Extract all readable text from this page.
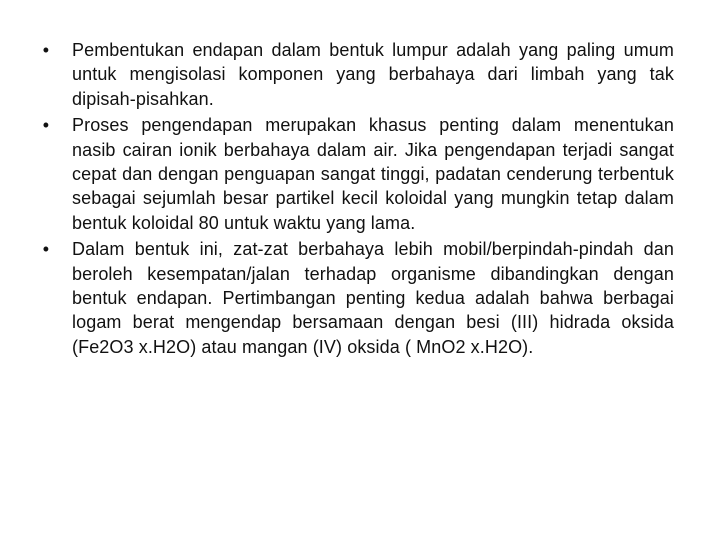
•	Pembentukan endapan dalam bentuk lumpur adalah yang paling umum untuk mengisolasi komponen yang berbahaya dari limbah yang tak dipisah-pisahkan.
•	Proses pengendapan merupakan khasus penting dalam menentukan nasib cairan ionik berbahaya dalam air. Jika pengendapan terjadi sangat cepat dan dengan penguapan sangat tinggi, padatan cenderung terbentuk sebagai sejumlah besar partikel kecil koloidal yang mungkin tetap dalam bentuk koloidal 80 untuk waktu yang lama.
•	Dalam bentuk ini, zat-zat berbahaya lebih mobil/berpindah-pindah dan beroleh kesempatan/jalan terhadap organisme dibandingkan dengan bentuk endapan. Pertimbangan penting kedua adalah bahwa berbagai logam berat mengendap bersamaan dengan besi (III) hidrada oksida (Fe2O3 x.H2O) atau mangan (IV) oksida ( MnO2 x.H2O).
